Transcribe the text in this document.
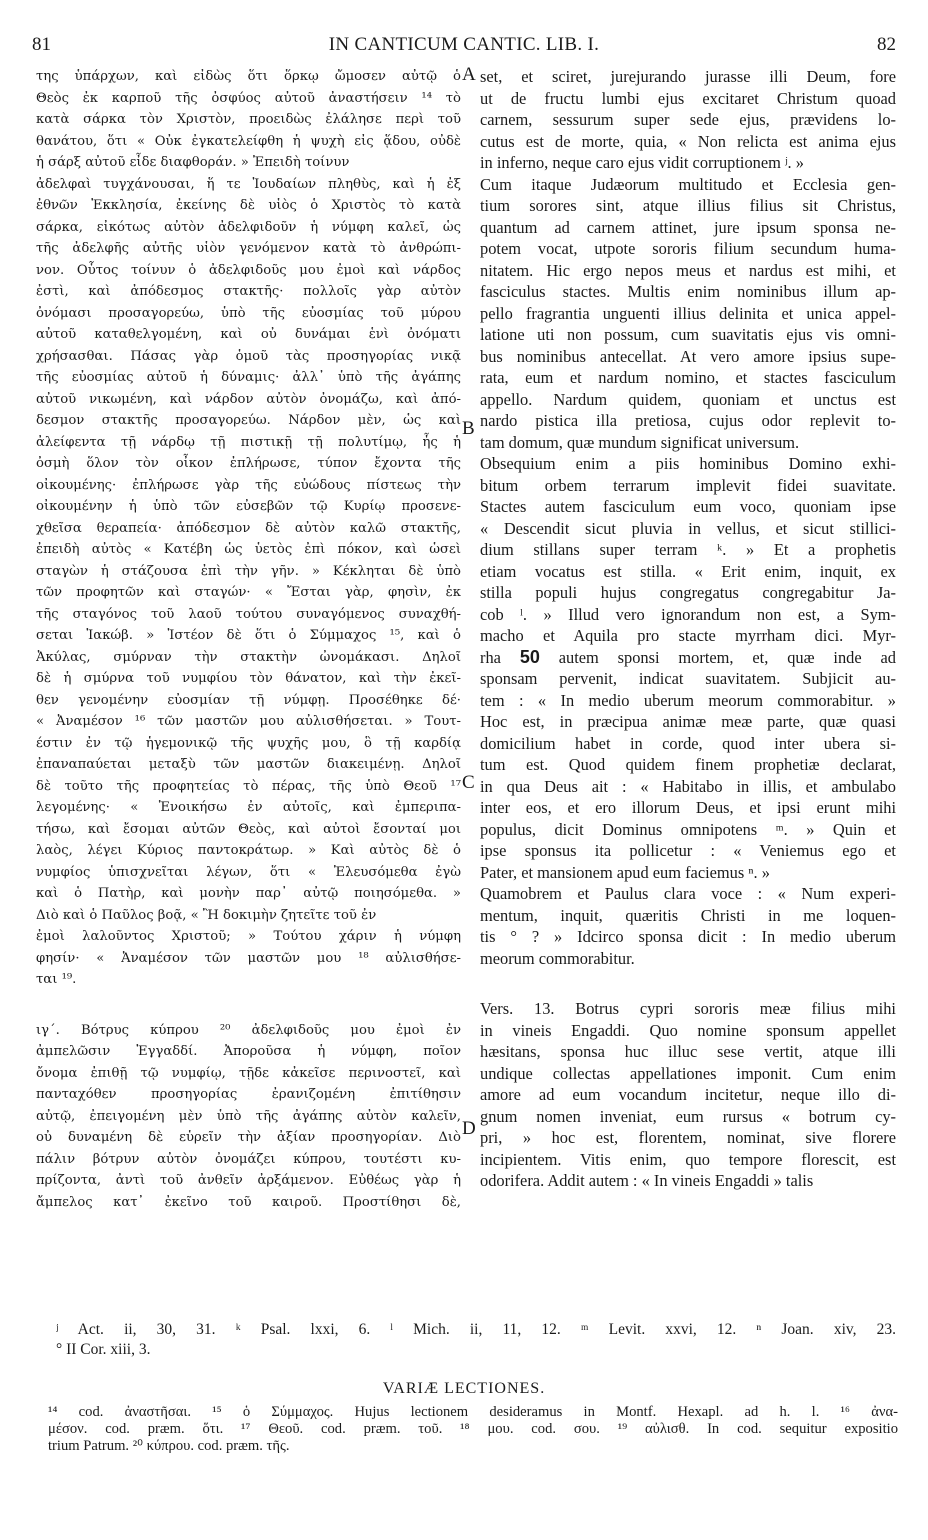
81	IN CANTICUM CANTIC. LIB. I.	82
της ὑπάρχων, καὶ εἰδὼς ὅτι ὅρκῳ ὤμοσεν αὐτῷ ὁ
Θεὸς ἐκ καρποῦ τῆς ὀσφύος αὐτοῦ ἀναστήσειν ¹⁴ τὸ
κατὰ σάρκα τὸν Χριστὸν, προειδὼς ἐλάλησε περὶ τοῦ
θανάτου, ὅτι « Οὐκ ἐγκατελείφθη ἡ ψυχὴ εἰς ᾅδου, οὐδὲ
ἡ σάρξ αὐτοῦ εἶδε διαφθοράν. » Ἐπειδὴ τοίνυν
ἀδελφαὶ τυγχάνουσαι, ἥ τε Ἰουδαίων πληθὺς, καὶ ἡ ἐξ
ἐθνῶν Ἐκκλησία, ἐκείνης δὲ υἱὸς ὁ Χριστὸς τὸ κατὰ
σάρκα, εἰκότως αὐτὸν ἀδελφιδοῦν ἡ νύμφη καλεῖ, ὡς
τῆς ἀδελφῆς αὐτῆς υἱὸν γενόμενον κατὰ τὸ ἀνθρώπι-
νον. Οὗτος τοίνυν ὁ ἀδελφιδοῦς μου ἐμοὶ καὶ νάρδος
ἐστὶ, καὶ ἀπόδεσμος στακτῆς· πολλοῖς γὰρ αὐτὸν
ὀνόμασι προσαγορεύω, ὑπὸ τῆς εὐοσμίας τοῦ μύρου
αὐτοῦ καταθελγομένη, καὶ οὐ δυνάμαι ἑνὶ ὀνόματι
χρήσασθαι. Πάσας γὰρ ὁμοῦ τὰς προσηγορίας νικᾷ
τῆς εὐοσμίας αὐτοῦ ἡ δύναμις· ἀλλ᾽ ὑπὸ τῆς ἀγάπης
αὐτοῦ νικωμένη, καὶ νάρδον αὐτὸν ὀνομάζω, καὶ ἀπό-
δεσμον στακτῆς προσαγορεύω. Νάρδον μὲν, ὡς καὶ
ἀλείφεντα τῇ νάρδῳ τῇ πιστικῇ τῇ πολυτίμῳ, ἧς ἡ
ὀσμὴ ὅλον τὸν οἶκον ἐπλήρωσε, τύπον ἔχοντα τῆς
οἰκουμένης· ἐπλήρωσε γὰρ τῆς εὐώδους πίστεως τὴν
οἰκουμένην ἡ ὑπὸ τῶν εὐσεβῶν τῷ Κυρίῳ προσενε-
χθεῖσα θεραπεία· ἀπόδεσμον δὲ αὐτὸν καλῶ στακτῆς,
ἐπειδὴ αὐτὸς « Κατέβη ὡς ὑετὸς ἐπὶ πόκον, καὶ ὡσεὶ
σταγὼν ἡ στάζουσα ἐπὶ τὴν γῆν. » Κέκληται δὲ ὑπὸ
τῶν προφητῶν καὶ σταγών· « Ἔσται γὰρ, φησὶν, ἐκ
τῆς σταγόνος τοῦ λαοῦ τούτου συναγόμενος συναχθή-
σεται Ἰακώβ. » Ἰστέον δὲ ὅτι ὁ Σύμμαχος ¹⁵, καὶ ὁ
Ἀκύλας, σμύρναν τὴν στακτὴν ὠνομάκασι. Δηλοῖ
δὲ ἡ σμύρνα τοῦ νυμφίου τὸν θάνατον, καὶ τὴν ἐκεῖ-
θεν γενομένην εὐοσμίαν τῇ νύμφῃ. Προσέθηκε δέ·
« Ἀναμέσον ¹⁶ τῶν μαστῶν μου αὐλισθήσεται. » Τουτ-
έστιν ἐν τῷ ἡγεμονικῷ τῆς ψυχῆς μου, ὃ τῇ καρδίᾳ
ἐπαναπαύεται μεταξὺ τῶν μαστῶν διακειμένῃ. Δηλοῖ
δὲ τοῦτο τῆς προφητείας τὸ πέρας, τῆς ὑπὸ Θεοῦ ¹⁷
λεγομένης· « Ἐνοικήσω ἐν αὐτοῖς, καὶ ἐμπεριπα-
τήσω, καὶ ἔσομαι αὐτῶν Θεὸς, καὶ αὐτοὶ ἔσονταί μοι
λαὸς, λέγει Κύριος παντοκράτωρ. » Καὶ αὐτὸς δὲ ὁ
νυμφίος ὑπισχνεῖται λέγων, ὅτι « Ἐλευσόμεθα ἐγὼ
καὶ ὁ Πατὴρ, καὶ μονὴν παρ᾽ αὐτῷ ποιησόμεθα. »
Διὸ καὶ ὁ Παῦλος βοᾷ, « Ἢ δοκιμὴν ζητεῖτε τοῦ ἐν
ἐμοὶ λαλοῦντος Χριστοῦ; » Τούτου χάριν ἡ νύμφη
φησίν· « Ἀναμέσον τῶν μαστῶν μου ¹⁸ αὐλισθήσε-
ται ¹⁹.
ιγ΄. Βότρυς κύπρου ²⁰ ἀδελφιδοῦς μου ἐμοὶ ἐν
ἀμπελῶσιν Ἐγγαδδί. Ἀποροῦσα ἡ νύμφη, ποῖον
ὄνομα ἐπιθῇ τῷ νυμφίῳ, τῇδε κἀκεῖσε περινοστεῖ, καὶ
πανταχόθεν προσηγορίας ἐρανιζομένη ἐπιτίθησιν
αὐτῷ, ἐπειγομένη μὲν ὑπὸ τῆς ἀγάπης αὐτὸν καλεῖν,
οὐ δυναμένη δὲ εὑρεῖν τὴν ἀξίαν προσηγορίαν. Διὸ
πάλιν βότρυν αὐτὸν ὀνομάζει κύπρου, τουτέστι κυ-
πρίζοντα, ἀντὶ τοῦ ἀνθεῖν ἀρξάμενον. Εὐθέως γὰρ ἡ
ἄμπελος κατ᾽ ἐκεῖνο τοῦ καιροῦ. Προστίθησι δὲ,
set, et sciret, jurejurando jurasse illi Deum, fore
ut de fructu lumbi ejus excitaret Christum quoad
carnem, sessurum super sede ejus, prævidens lo-
cutus est de morte, quia, « Non relicta est anima ejus
in inferno, neque caro ejus vidit corruptionem ʲ. »
Cum itaque Judæorum multitudo et Ecclesia gen-
tium sorores sint, atque illius filius sit Christus,
quantum ad carnem attinet, jure ipsum sponsa ne-
potem vocat, utpote sororis filium secundum huma-
nitatem. Hic ergo nepos meus et nardus est mihi, et
fasciculus stactes. Multis enim nominibus illum ap-
pello fragrantia unguenti illius delinita et unica appel-
latione uti non possum, cum suavitatis ejus vis omni-
bus nominibus antecellat. At vero amore ipsius supe-
rata, eum et nardum nomino, et stactes fasciculum
appello. Nardum quidem, quoniam et unctus est
nardo pistica illa pretiosa, cujus odor replevit to-
tam domum, quæ mundum significat universum.
Obsequium enim a piis hominibus Domino exhi-
bitum orbem terrarum implevit fidei suavitate.
Stactes autem fasciculum eum voco, quoniam ipse
« Descendit sicut pluvia in vellus, et sicut stillici-
dium stillans super terram ᵏ. » Et a prophetis
etiam vocatus est stilla. « Erit enim, inquit, ex
stilla populi hujus congregatus congregabitur Ja-
cob ˡ. » Illud vero ignorandum non est, a Sym-
macho et Aquila pro stacte myrrham dici. Myr-
rha 50 autem sponsi mortem, et, quæ inde ad
sponsam pervenit, indicat suavitatem. Subjicit au-
tem : « In medio uberum meorum commorabitur. »
Hoc est, in præcipua animæ meæ parte, quæ quasi
domicilium habet in corde, quod inter ubera si-
tum est. Quod quidem finem prophetiæ declarat,
in qua Deus ait : « Habitabo in illis, et ambulabo
inter eos, et ero illorum Deus, et ipsi erunt mihi
populus, dicit Dominus omnipotens ᵐ. » Quin et
ipse sponsus ita pollicetur : « Veniemus ego et
Pater, et mansionem apud eum faciemus ⁿ. »
Quamobrem et Paulus clara voce : « Num experi-
mentum, inquit, quæritis Christi in me loquen-
tis ° ? » Idcirco sponsa dicit : In medio uberum
meorum commorabitur.
Vers. 13. Botrus cypri sororis meæ filius mihi
in vineis Engaddi. Quo nomine sponsum appellet
hæsitans, sponsa huc illuc sese vertit, atque illi
undique collectas appellationes imponit. Cum enim
amore ad eum vocandum incitetur, neque illo di-
gnum nomen inveniat, eum rursus « botrum cy-
pri, » hoc est, florentem, nominat, sive florere
incipientem. Vitis enim, quo tempore florescit, est
odorifera. Addit autem : « In vineis Engaddi » talis
A
B
C
D
ʲ Act. ii, 30, 31. ᵏ Psal. lxxi, 6. ˡ Mich. ii, 11, 12. ᵐ Levit. xxvi, 12. ⁿ Joan. xiv, 23.
° II Cor. xiii, 3.
VARIÆ LECTIONES.
¹⁴ cod. ἀναστῆσαι. ¹⁵ ὁ Σύμμαχος. Hujus lectionem desideramus in Montf. Hexapl. ad h. l. ¹⁶ ἀνα-
μέσον. cod. præm. ὅτι. ¹⁷ Θεοῦ. cod. præm. τοῦ. ¹⁸ μου. cod. σου. ¹⁹ αὐλισθ. In cod. sequitur expositio
trium Patrum. ²⁰ κύπρου. cod. præm. τῆς.
